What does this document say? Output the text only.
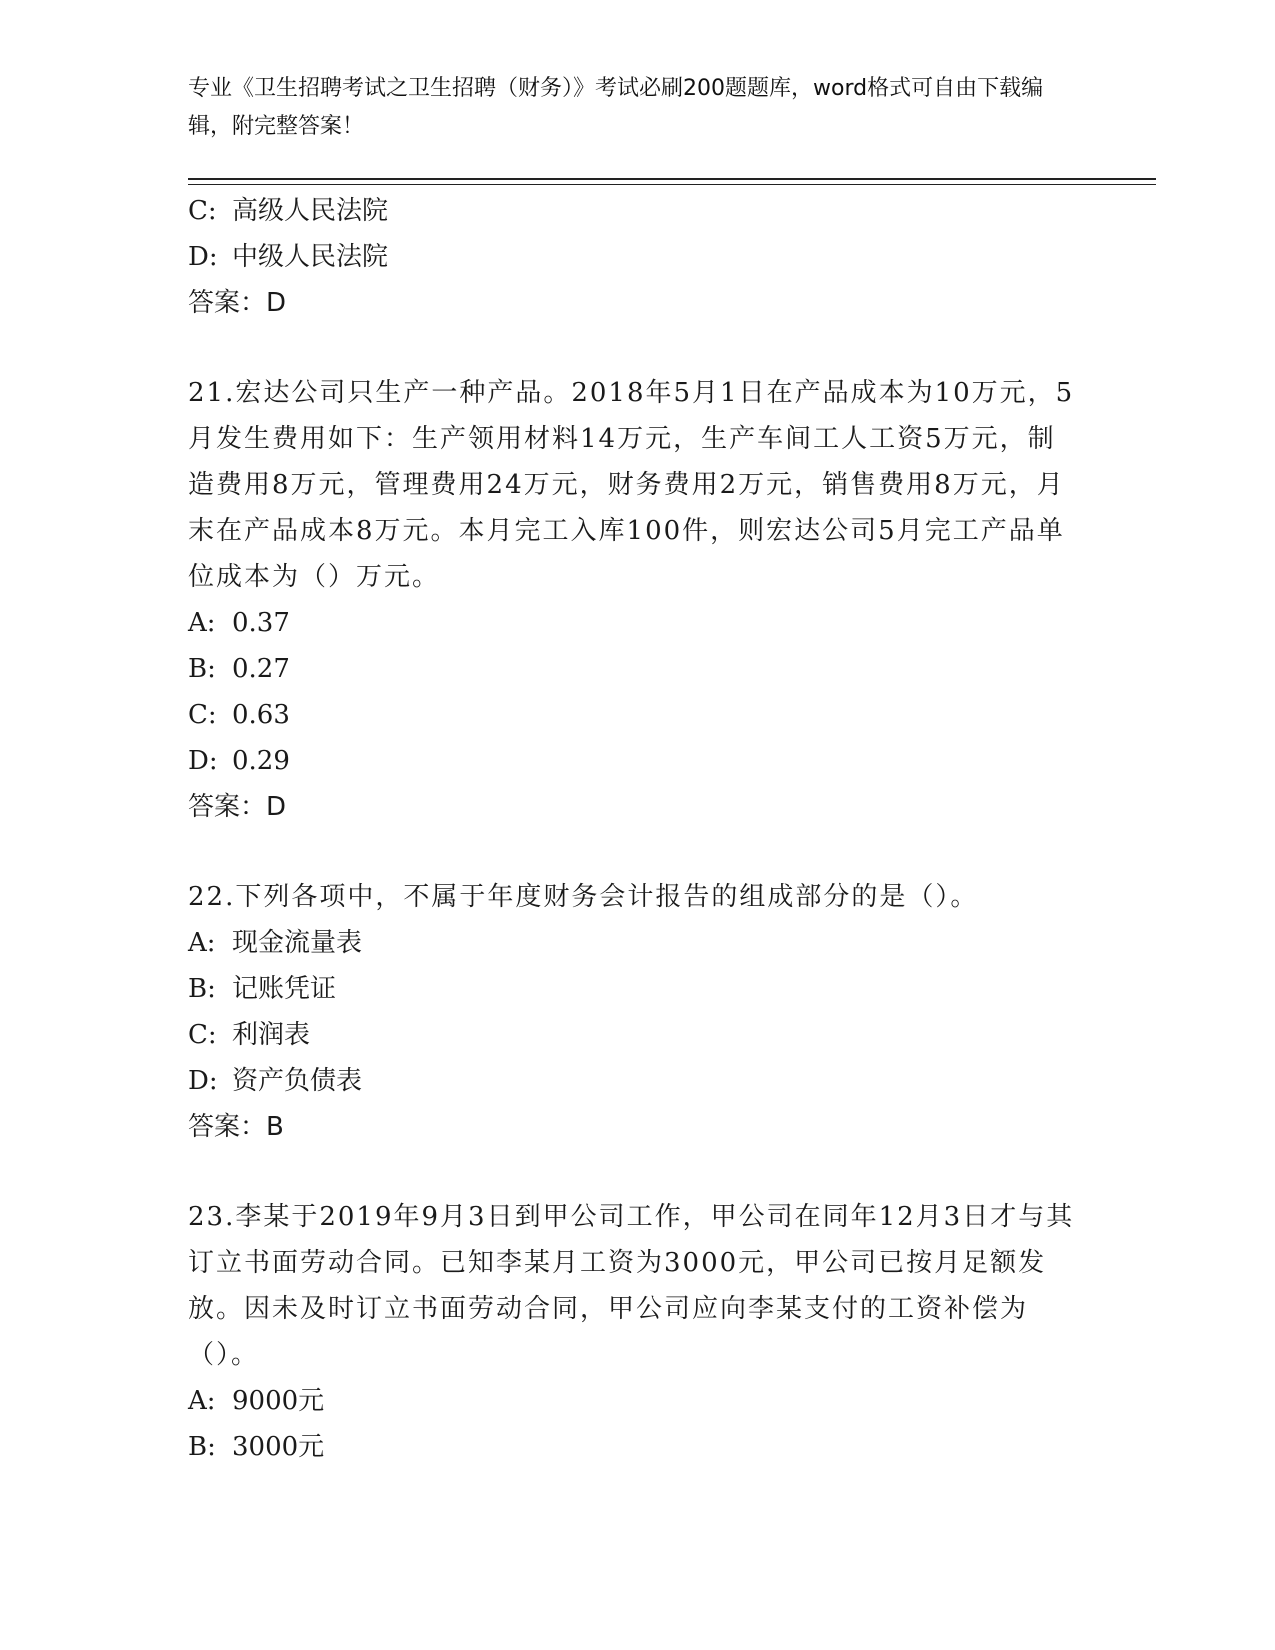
专业《卫生招聘考试之卫生招聘（财务）》考试必刷200题题库，word格式可自由下载编辑，附完整答案！
C: 高级人民法院
D: 中级人民法院
答案：D
21.宏达公司只生产一种产品。2018年5月1日在产品成本为10万元，5月发生费用如下：生产领用材料14万元，生产车间工人工资5万元，制造费用8万元，管理费用24万元，财务费用2万元，销售费用8万元，月末在产品成本8万元。本月完工入库100件，则宏达公司5月完工产品单位成本为（）万元。
A: 0.37
B: 0.27
C: 0.63
D: 0.29
答案：D
22.下列各项中，不属于年度财务会计报告的组成部分的是（）。
A: 现金流量表
B: 记账凭证
C: 利润表
D: 资产负债表
答案：B
23.李某于2019年9月3日到甲公司工作，甲公司在同年12月3日才与其订立书面劳动合同。已知李某月工资为3000元，甲公司已按月足额发放。因未及时订立书面劳动合同，甲公司应向李某支付的工资补偿为（）。
A: 9000元
B: 3000元
